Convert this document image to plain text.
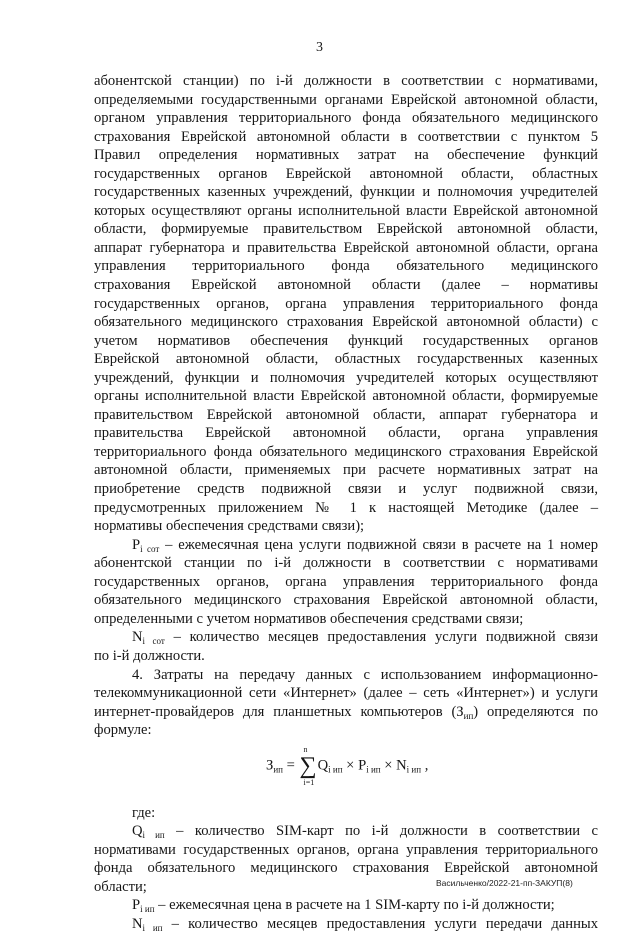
3

абонентской станции) по i-й должности в соответствии с нормативами,

определяемыми государственными органами Еврейской автономной области,

органом управления территориального фонда обязательного медицинского

страхования Еврейской автономной области в соответствии с пунктом 5

Правил определения нормативных затрат на обеспечение функций

государственных органов Еврейской автономной области, областных

государственных казенных учреждений, функции и полномочия учредителей

которых осуществляют органы исполнительной власти Еврейской автономной

области, формируемые правительством Еврейской автономной области,

аппарат губернатора и правительства Еврейской автономной области, органа

управления территориального фонда обязательного медицинского

страхования Еврейской автономной области (далее – нормативы

государственных органов, органа управления территориального фонда

обязательного медицинского страхования Еврейской автономной области) с

учетом нормативов обеспечения функций государственных органов

Еврейской автономной области, областных государственных казенных

учреждений, функции и полномочия учредителей которых осуществляют

органы исполнительной власти Еврейской автономной области, формируемые

правительством Еврейской автономной области, аппарат губернатора и

правительства Еврейской автономной области, органа управления

территориального фонда обязательного медицинского страхования Еврейской

автономной области, применяемых при расчете нормативных затрат на

приобретение средств подвижной связи и услуг подвижной связи,

предусмотренных приложением № 1 к настоящей Методике (далее –

нормативы обеспечения средствами связи);

$P_{i сот}$ – ежемесячная цена услуги подвижной связи в расчете на 1 номер

абонентской станции по i-й должности в соответствии с нормативами

государственных органов, органа управления территориального фонда

обязательного медицинского страхования Еврейской автономной области,

определенными с учетом нормативов обеспечения средствами связи;

$N_{i сот}$ – количество месяцев предоставления услуги подвижной связи

по i-й должности.

4. Затраты на передачу данных с использованием информационно-

телекоммуникационной сети «Интернет» (далее – сеть «Интернет») и услуги

интернет-провайдеров для планшетных компьютеров $(З_{ип})$ определяются по

формуле:

$З_{ип}$ = ∑
n
i=1
$Q_{i ип} \times P_{i ип} \times N_{i ип}$ ,

где:

$Q_{i ип}$ – количество SIM-карт по i-й должности в соответствии с

нормативами государственных органов, органа управления территориального

фонда обязательного медицинского страхования Еврейской автономной

области;

$P_{i ип}$ – ежемесячная цена в расчете на 1 SIM-карту по i-й должности;

$N_{i ип}$ – количество месяцев предоставления услуги передачи данных

Васильченко/2022-21-пп-ЗАКУП(8)
